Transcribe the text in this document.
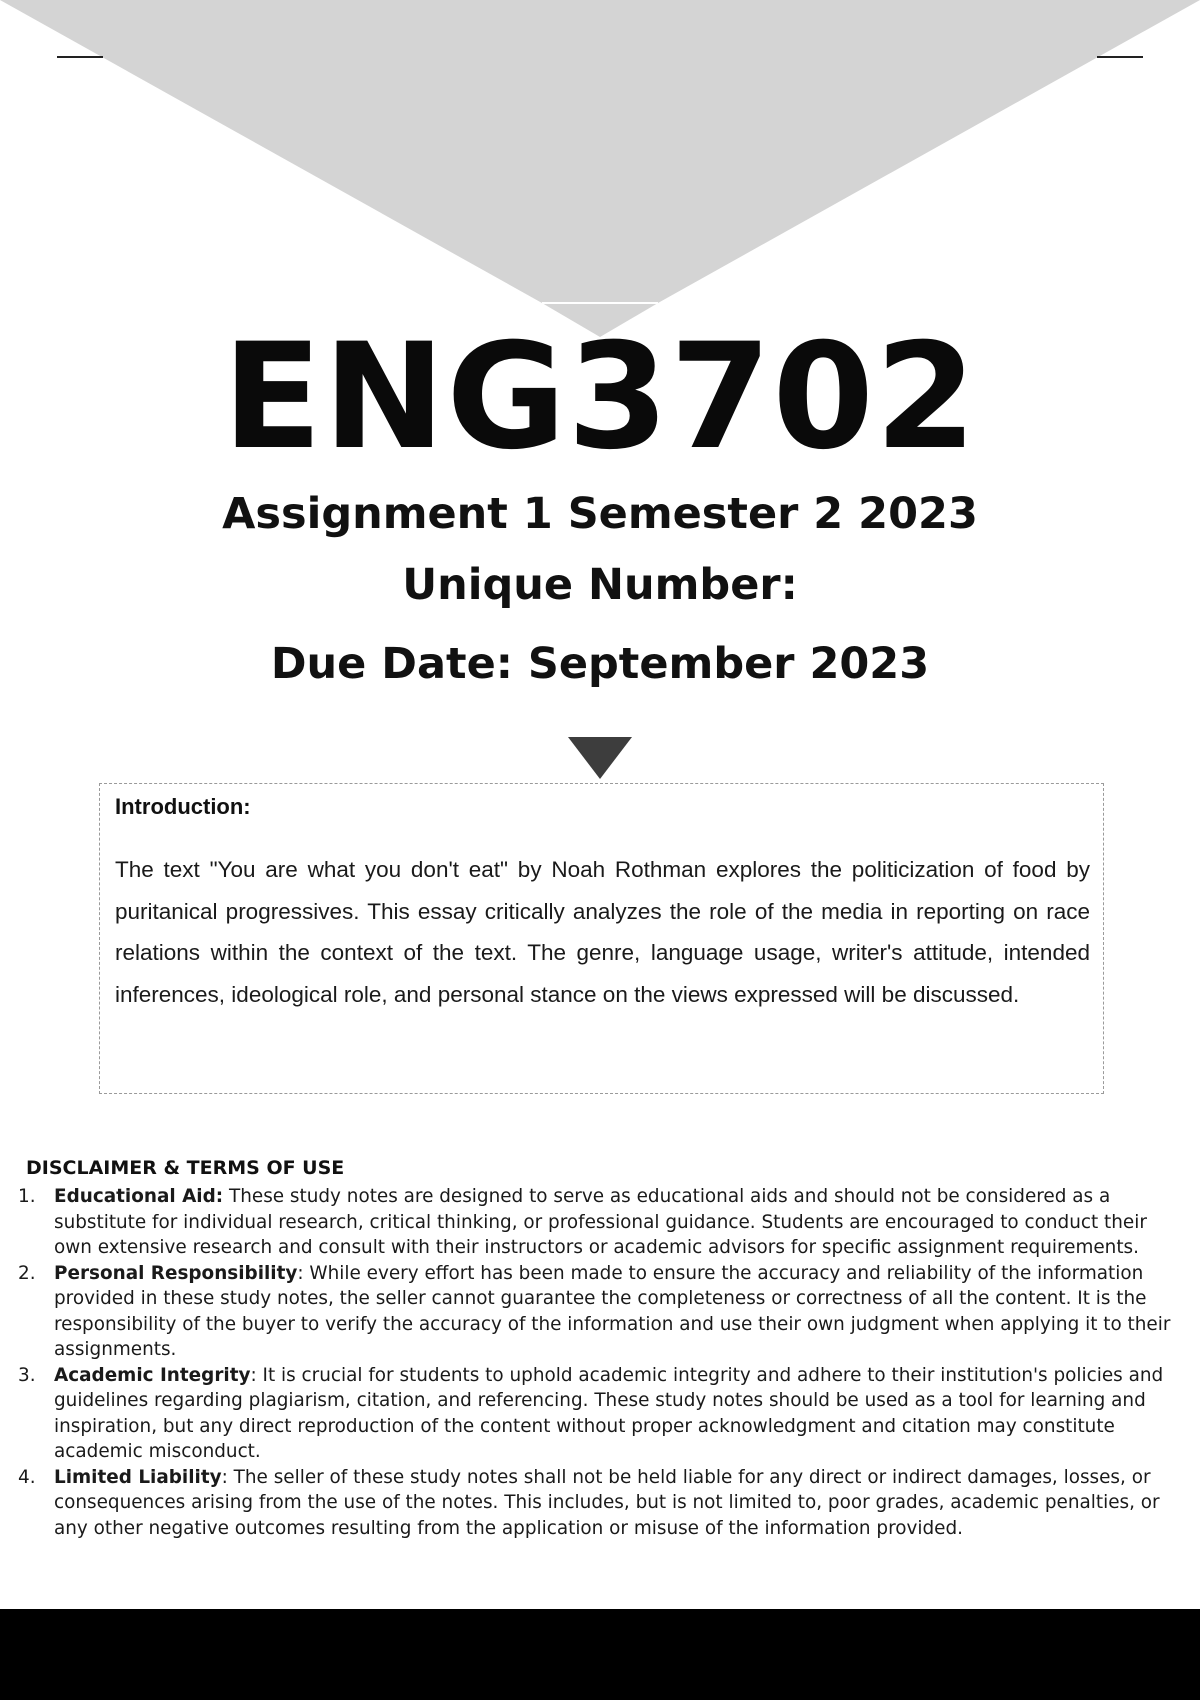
ENG3702
Assignment 1 Semester 2 2023
Unique Number:
Due Date: September 2023
Introduction:

The text "You are what you don't eat" by Noah Rothman explores the politicization of food by puritanical progressives. This essay critically analyzes the role of the media in reporting on race relations within the context of the text. The genre, language usage, writer's attitude, intended inferences, ideological role, and personal stance on the views expressed will be discussed.

DISCLAIMER & TERMS OF USE
1. Educational Aid: These study notes are designed to serve as educational aids and should not be considered as a substitute for individual research, critical thinking, or professional guidance. Students are encouraged to conduct their own extensive research and consult with their instructors or academic advisors for specific assignment requirements.
2. Personal Responsibility: While every effort has been made to ensure the accuracy and reliability of the information provided in these study notes, the seller cannot guarantee the completeness or correctness of all the content. It is the responsibility of the buyer to verify the accuracy of the information and use their own judgment when applying it to their assignments.
3. Academic Integrity: It is crucial for students to uphold academic integrity and adhere to their institution's policies and guidelines regarding plagiarism, citation, and referencing. These study notes should be used as a tool for learning and inspiration, but any direct reproduction of the content without proper acknowledgment and citation may constitute academic misconduct.
4. Limited Liability: The seller of these study notes shall not be held liable for any direct or indirect damages, losses, or consequences arising from the use of the notes. This includes, but is not limited to, poor grades, academic penalties, or any other negative outcomes resulting from the application or misuse of the information provided.
